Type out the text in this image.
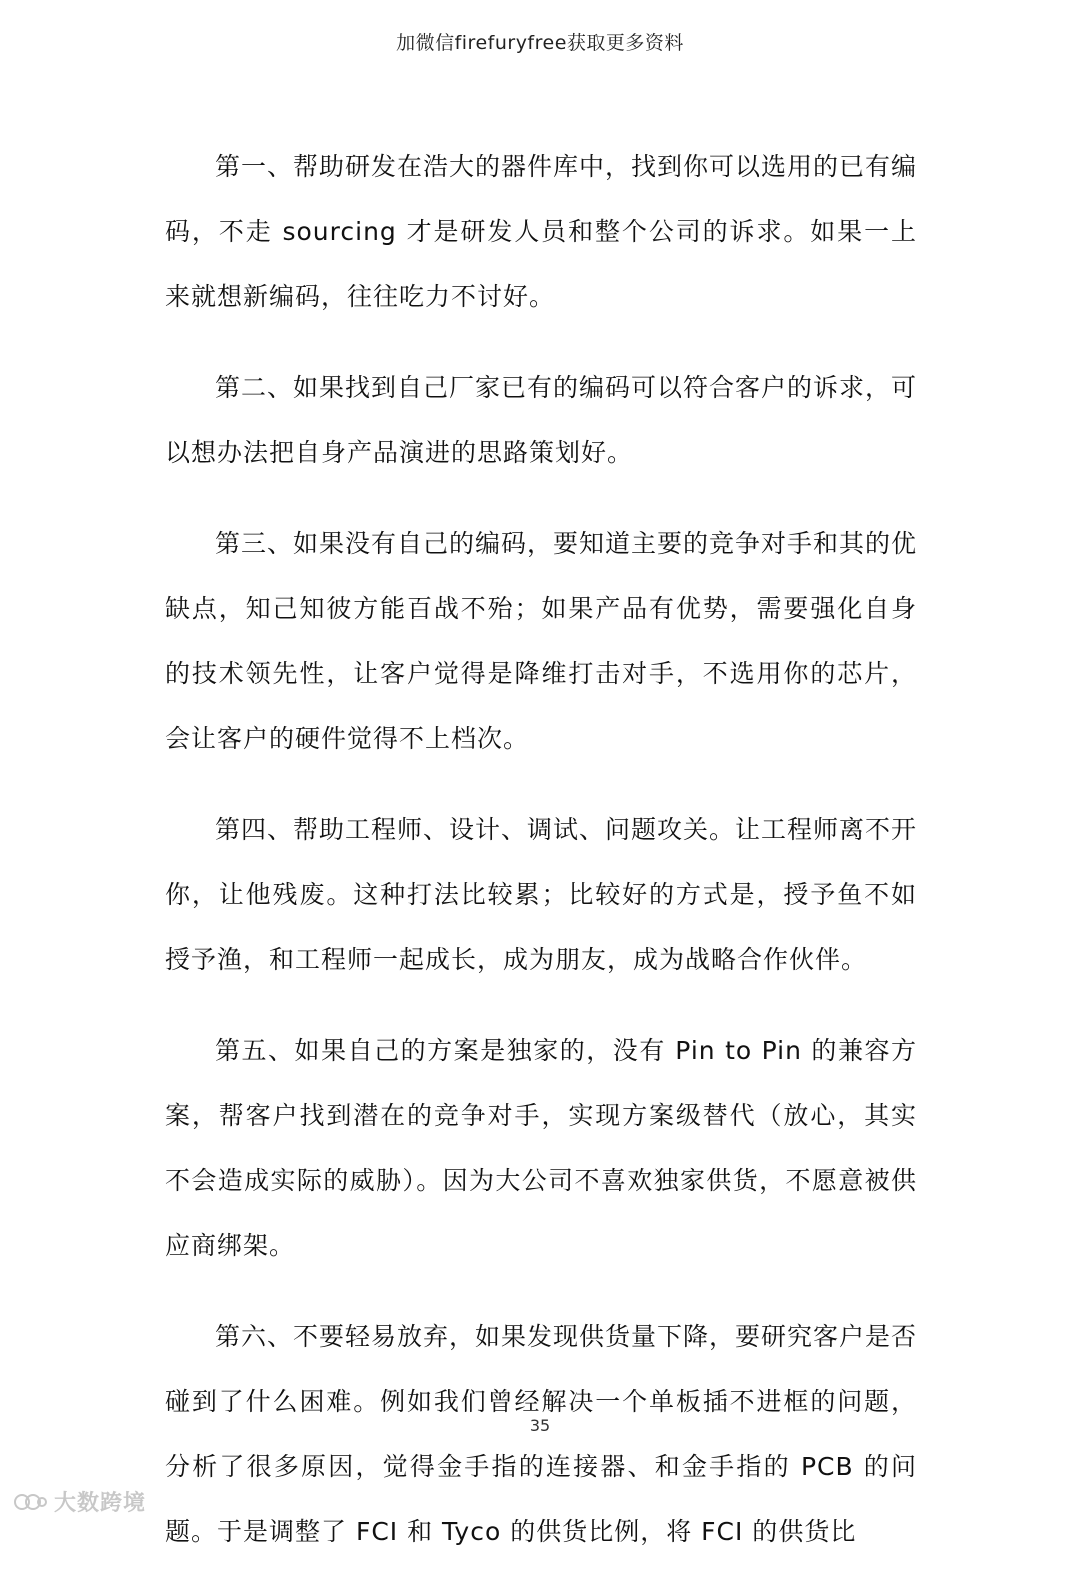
加微信firefuryfree获取更多资料

第一、帮助研发在浩大的器件库中，找到你可以选用的已有编码，不走 sourcing 才是研发人员和整个公司的诉求。如果一上来就想新编码，往往吃力不讨好。

第二、如果找到自己厂家已有的编码可以符合客户的诉求，可以想办法把自身产品演进的思路策划好。

第三、如果没有自己的编码，要知道主要的竞争对手和其的优缺点，知己知彼方能百战不殆；如果产品有优势，需要强化自身的技术领先性，让客户觉得是降维打击对手，不选用你的芯片，会让客户的硬件觉得不上档次。

第四、帮助工程师、设计、调试、问题攻关。让工程师离不开你，让他残废。这种打法比较累；比较好的方式是，授予鱼不如授予渔，和工程师一起成长，成为朋友，成为战略合作伙伴。

第五、如果自己的方案是独家的，没有 Pin to Pin 的兼容方案，帮客户找到潜在的竞争对手，实现方案级替代（放心，其实不会造成实际的威胁）。因为大公司不喜欢独家供货，不愿意被供应商绑架。

第六、不要轻易放弃，如果发现供货量下降，要研究客户是否碰到了什么困难。例如我们曾经解决一个单板插不进框的问题，分析了很多原因，觉得金手指的连接器、和金手指的 PCB 的问题。于是调整了 FCI 和 Tyco 的供货比例，将 FCI 的供货比

35
大数跨境
